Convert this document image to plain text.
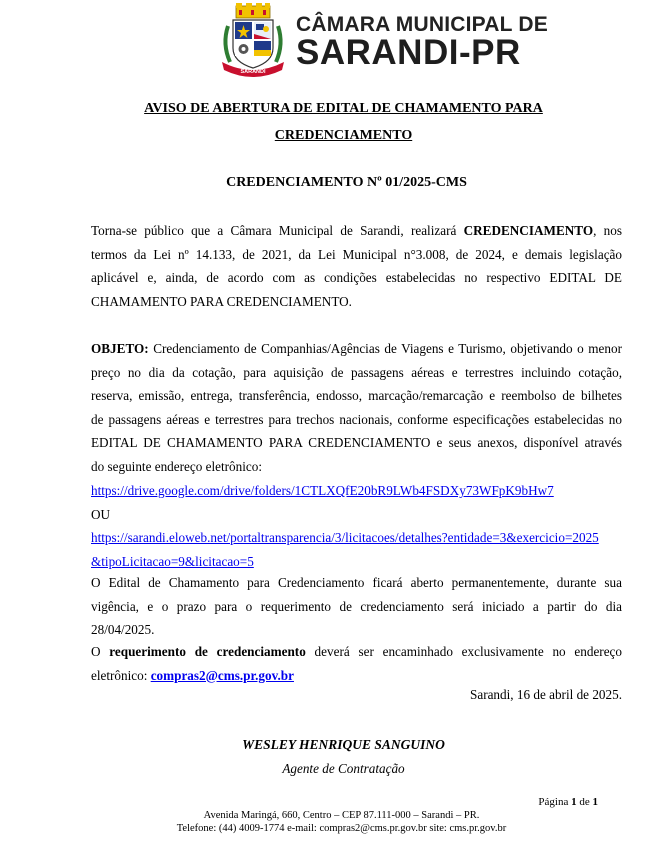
SARANDI
CÂMARA MUNICIPAL DE
SARANDI-PR
AVISO DE ABERTURA DE EDITAL DE CHAMAMENTO PARA
CREDENCIAMENTO
CREDENCIAMENTO Nº 01/2025-CMS
Torna-se público que a Câmara Municipal de Sarandi, realizará CREDENCIAMENTO, nos
termos da Lei nº 14.133, de 2021, da Lei Municipal n°3.008, de 2024, e demais legislação
aplicável e, ainda, de acordo com as condições estabelecidas no respectivo EDITAL DE
CHAMAMENTO PARA CREDENCIAMENTO.
OBJETO: Credenciamento de Companhias/Agências de Viagens e Turismo, objetivando o menor
preço no dia da cotação, para aquisição de passagens aéreas e terrestres incluindo cotação,
reserva, emissão, entrega, transferência, endosso, marcação/remarcação e reembolso de bilhetes
de passagens aéreas e terrestres para trechos nacionais, conforme especificações estabelecidas no
EDITAL DE CHAMAMENTO PARA CREDENCIAMENTO e seus anexos, disponível através
do seguinte endereço eletrônico:
https://drive.google.com/drive/folders/1CTLXQfE20bR9LWb4FSDXy73WFpK9bHw7
OU
https://sarandi.eloweb.net/portaltransparencia/3/licitacoes/detalhes?entidade=3&exercicio=2025
&tipoLicitacao=9&licitacao=5
O Edital de Chamamento para Credenciamento ficará aberto permanentemente, durante sua
vigência, e o prazo para o requerimento de credenciamento será iniciado a partir do dia
28/04/2025.
O requerimento de credenciamento deverá ser encaminhado exclusivamente no endereço
eletrônico: compras2@cms.pr.gov.br
Sarandi, 16 de abril de 2025.
WESLEY HENRIQUE SANGUINO
Agente de Contratação
Página 1 de 1
Avenida Maringá, 660, Centro – CEP 87.111-000 – Sarandi – PR.
Telefone: (44) 4009-1774 e-mail: compras2@cms.pr.gov.br site: cms.pr.gov.br
